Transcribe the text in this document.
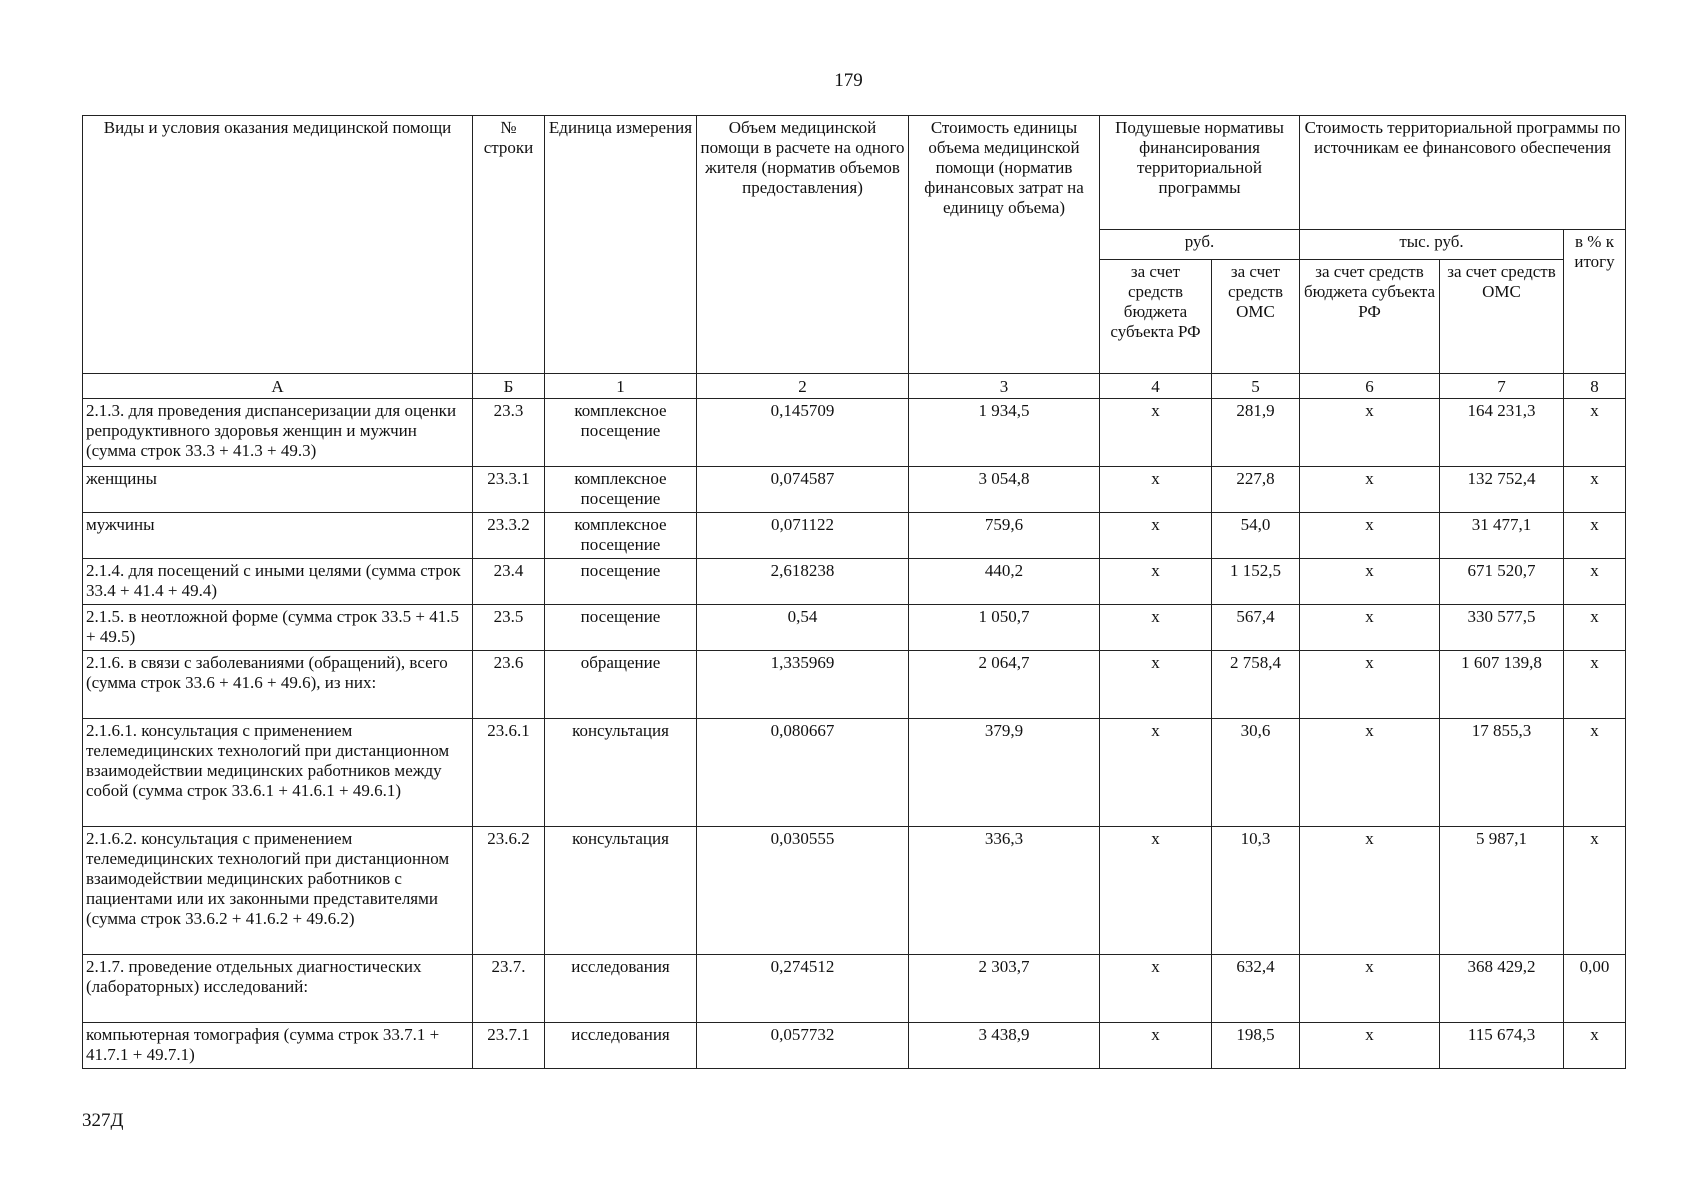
179
Виды и условия оказания медицинской помощи	№ строки	Единица измерения	Объем медицинской помощи в расчете на одного жителя (норматив объемов предоставления)	Стоимость единицы объема медицинской помощи (норматив финансовых затрат на единицу объема)	Подушевые нормативы финансирования территориальной программы		Стоимость территориальной программы по источникам ее финансового обеспечения		
					руб.		тыс. руб.		в % к итогу
					за счет средств бюджета субъекта РФ	за счет средств ОМС	за счет средств бюджета субъекта РФ	за счет средств ОМС	
А	Б	1	2	3	4	5	6	7	8
2.1.3. для проведения диспансеризации для оценки репродуктивного здоровья женщин и мужчин (сумма строк 33.3 + 41.3 + 49.3)	23.3	комплексное посещение	0,145709	1 934,5	х	281,9	х	164 231,3	х
женщины	23.3.1	комплексное посещение	0,074587	3 054,8	х	227,8	х	132 752,4	х
мужчины	23.3.2	комплексное посещение	0,071122	759,6	х	54,0	х	31 477,1	х
2.1.4. для посещений с иными целями (сумма строк 33.4 + 41.4 + 49.4)	23.4	посещение	2,618238	440,2	х	1 152,5	х	671 520,7	х
2.1.5. в неотложной форме (сумма строк 33.5 + 41.5 + 49.5)	23.5	посещение	0,54	1 050,7	х	567,4	х	330 577,5	х
2.1.6. в связи с заболеваниями (обращений), всего (сумма строк 33.6 + 41.6 + 49.6), из них:	23.6	обращение	1,335969	2 064,7	х	2 758,4	х	1 607 139,8	х
2.1.6.1. консультация с применением телемедицинских технологий при дистанционном взаимодействии медицинских работников между собой (сумма строк 33.6.1 + 41.6.1 + 49.6.1)	23.6.1	консультация	0,080667	379,9	х	30,6	х	17 855,3	х
2.1.6.2. консультация с применением телемедицинских технологий при дистанционном взаимодействии медицинских работников с пациентами или их законными представителями (сумма строк 33.6.2 + 41.6.2 + 49.6.2)	23.6.2	консультация	0,030555	336,3	х	10,3	х	5 987,1	х
2.1.7. проведение отдельных диагностических (лабораторных) исследований:	23.7.	исследования	0,274512	2 303,7	х	632,4	х	368 429,2	0,00
компьютерная томография (сумма строк 33.7.1 + 41.7.1 + 49.7.1)	23.7.1	исследования	0,057732	3 438,9	х	198,5	х	115 674,3	х
327Д
